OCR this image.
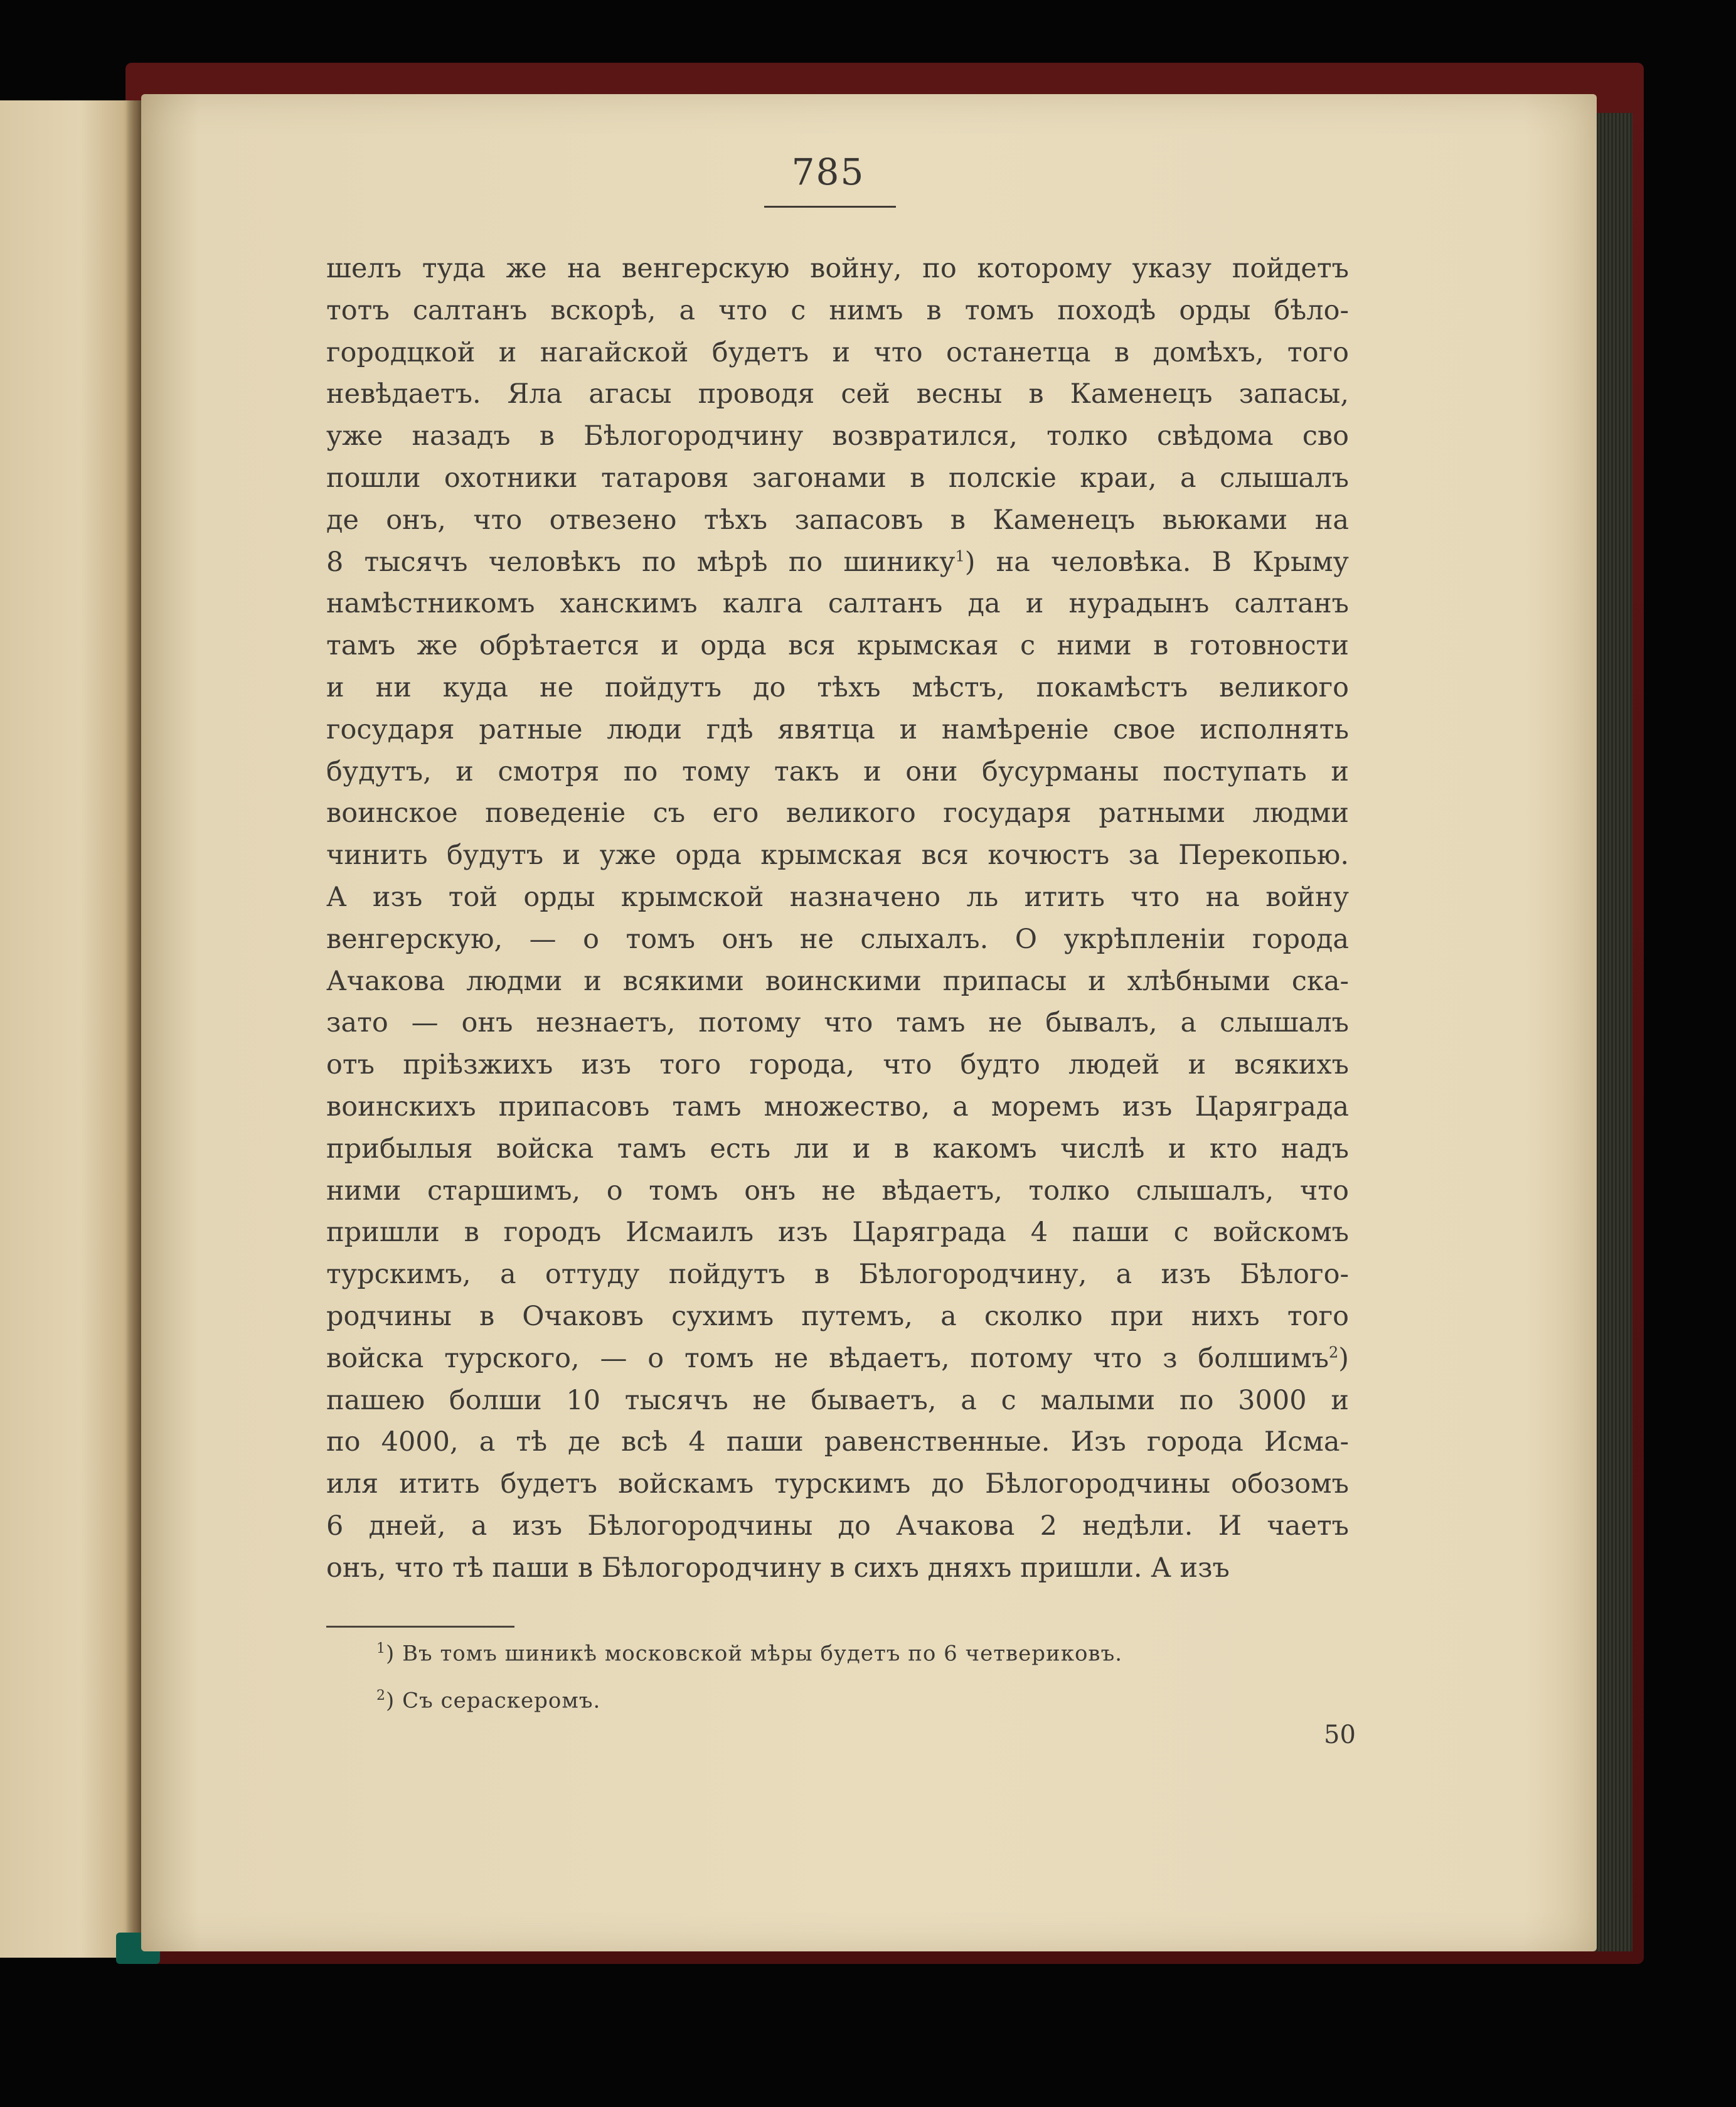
785
шелъ туда же на венгерскую войну, по которому указу пойдетъ
тотъ салтанъ вскорѣ, а что с нимъ в томъ походѣ орды бѣло-
городцкой и нагайской будетъ и что останетца в домѣхъ, того
невѣдаетъ. Яла агасы проводя сей весны в Каменецъ запасы,
уже назадъ в Бѣлогородчину возвратился, толко свѣдома сво
пошли охотники татаровя загонами в полскіе краи, а слышалъ
де онъ, что отвезено тѣхъ запасовъ в Каменецъ вьюками на
8 тысячъ человѣкъ по мѣрѣ по шинику$^1$) на человѣка. В Крыму
намѣстникомъ ханскимъ калга салтанъ да и нурадынъ салтанъ
тамъ же обрѣтается и орда вся крымская с ними в готовности
и ни куда не пойдутъ до тѣхъ мѣстъ, покамѣстъ великого
государя ратные люди гдѣ явятца и намѣреніе свое исполнять
будутъ, и смотря по тому такъ и они бусурманы поступать и
воинское поведеніе съ его великого государя ратными людми
чинить будутъ и уже орда крымская вся кочюстъ за Перекопью.
А изъ той орды крымской назначено ль итить что на войну
венгерскую, — о томъ онъ не слыхалъ. О укрѣпленіи города
Ачакова людми и всякими воинскими припасы и хлѣбными ска-
зато — онъ незнаетъ, потому что тамъ не бывалъ, а слышалъ
отъ пріѣзжихъ изъ того города, что будто людей и всякихъ
воинскихъ припасовъ тамъ множество, а моремъ изъ Царяграда
прибылыя войска тамъ есть ли и в какомъ числѣ и кто надъ
ними старшимъ, о томъ онъ не вѣдаетъ, толко слышалъ, что
пришли в городъ Исмаилъ изъ Царяграда 4 паши с войскомъ
турскимъ, а оттуду пойдутъ в Бѣлогородчину, а изъ Бѣлогo-
родчины в Очаковъ сухимъ путемъ, а сколко при нихъ того
войска турского, — о томъ не вѣдаетъ, потому что з болшимъ$^2$)
пашею болши 10 тысячъ не бываетъ, а с малыми по 3000 и
по 4000, а тѣ де всѣ 4 паши равенственные. Изъ города Исма-
иля итить будетъ войскамъ турскимъ до Бѣлогородчины обозомъ
6 дней, а изъ Бѣлогородчины до Ачакова 2 недѣли. И чаетъ
онъ, что тѣ паши в Бѣлогородчину в сихъ дняхъ пришли. А изъ
$^1$) Въ томъ шиникѣ московской мѣры будетъ по 6 четвериковъ.
$^2$) Съ сераскеромъ.
50
